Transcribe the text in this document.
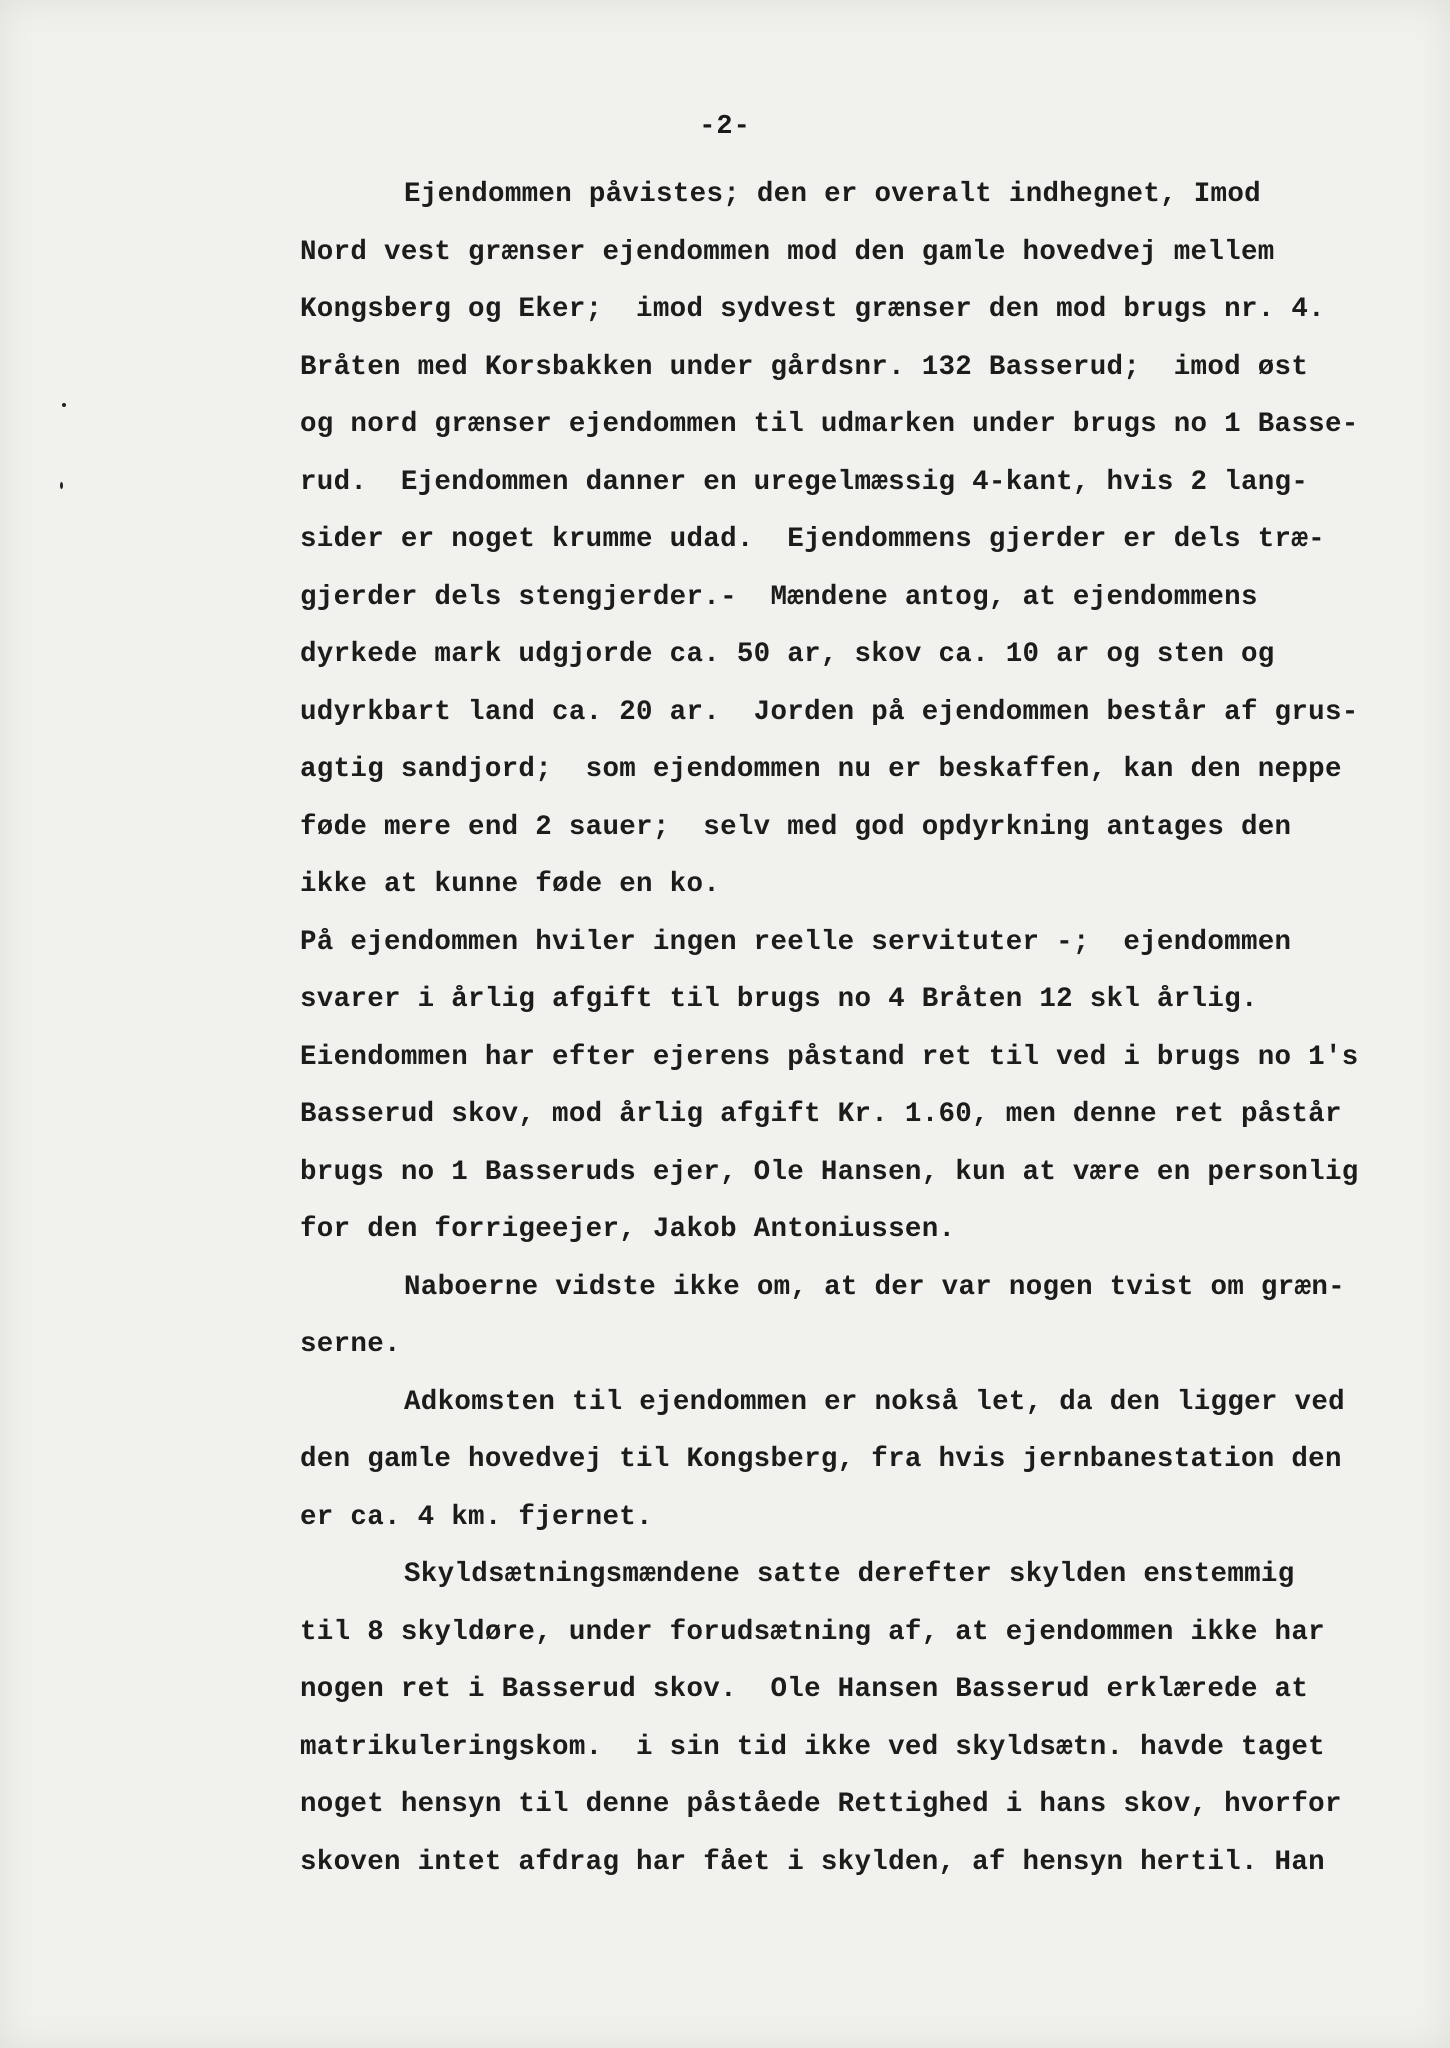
-2-

Ejendommen påvistes; den er overalt indhegnet, Imod
Nord vest grænser ejendommen mod den gamle hovedvej mellem
Kongsberg og Eker;  imod sydvest grænser den mod brugs nr. 4.
Bråten med Korsbakken under gårdsnr. 132 Basserud;  imod øst
og nord grænser ejendommen til udmarken under brugs no 1 Basse-
rud.  Ejendommen danner en uregelmæssig 4-kant, hvis 2 lang-
sider er noget krumme udad.  Ejendommens gjerder er dels træ-
gjerder dels stengjerder.-  Mændene antog, at ejendommens
dyrkede mark udgjorde ca. 50 ar, skov ca. 10 ar og sten og
udyrkbart land ca. 20 ar.  Jorden på ejendommen består af grus-
agtig sandjord;  som ejendommen nu er beskaffen, kan den neppe
føde mere end 2 sauer;  selv med god opdyrkning antages den
ikke at kunne føde en ko.
På ejendommen hviler ingen reelle servituter -;  ejendommen
svarer i årlig afgift til brugs no 4 Bråten 12 skl årlig.
Eiendommen har efter ejerens påstand ret til ved i brugs no 1's
Basserud skov, mod årlig afgift Kr. 1.60, men denne ret påstår
brugs no 1 Basseruds ejer, Ole Hansen, kun at være en personlig
for den forrigeejer, Jakob Antoniussen.
Naboerne vidste ikke om, at der var nogen tvist om græn-
serne.
Adkomsten til ejendommen er nokså let, da den ligger ved
den gamle hovedvej til Kongsberg, fra hvis jernbanestation den
er ca. 4 km. fjernet.
Skyldsætningsmændene satte derefter skylden enstemmig
til 8 skyldøre, under forudsætning af, at ejendommen ikke har
nogen ret i Basserud skov.  Ole Hansen Basserud erklærede at
matrikuleringskom.  i sin tid ikke ved skyldsætn. havde taget
noget hensyn til denne påståede Rettighed i hans skov, hvorfor
skoven intet afdrag har fået i skylden, af hensyn hertil. Han
